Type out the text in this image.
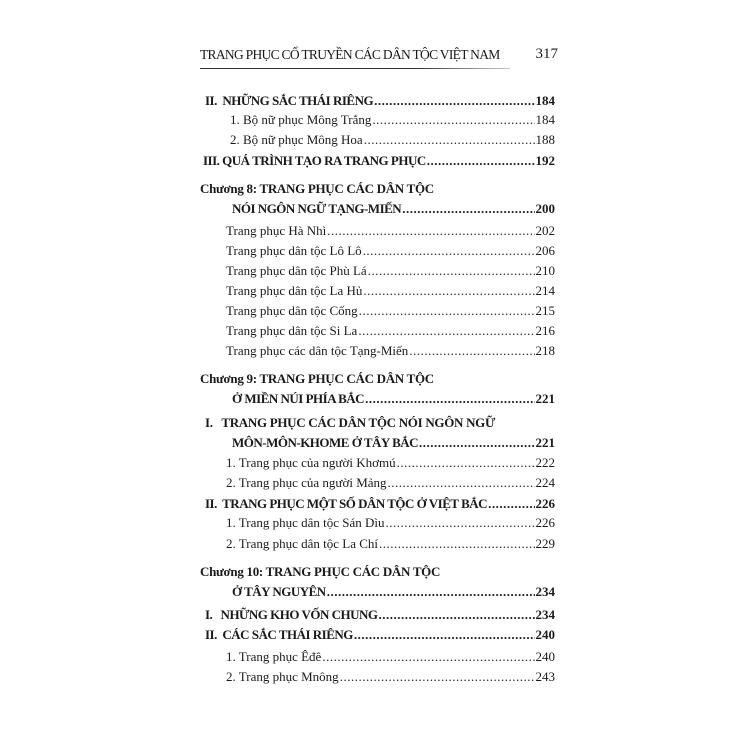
TRANG PHỤC CỔ TRUYỀN CÁC DÂN TỘC VIỆT NAM 317
II.  NHỮNG SẮC THÁI RIÊNG .....	184
1. Bộ nữ phục Mông Trắng .....	184
2. Bộ nữ phục Mông Hoa .....	188
III. QUÁ TRÌNH TẠO RA TRANG PHỤC .....	192
Chương 8: TRANG PHỤC CÁC DÂN TỘC
NÓI NGÔN NGỮ TẠNG-MIẾN .....	200
Trang phục Hà Nhì .....	202
Trang phục dân tộc Lô Lô .....	206
Trang phục dân tộc Phù Lá .....	210
Trang phục dân tộc La Hủ .....	214
Trang phục dân tộc Cống .....	215
Trang phục dân tộc Si La .....	216
Trang phục các dân tộc Tạng-Miến .....	218
Chương 9: TRANG PHỤC CÁC DÂN TỘC
Ở MIỀN NÚI PHÍA BẮC .....	221
I.   TRANG PHỤC CÁC DÂN TỘC NÓI NGÔN NGỮ
MÔN-MÔN-KHOME Ở TÂY BẮC .....	221
1. Trang phục của người Khơmú .....	222
2. Trang phục của người Mảng .....	224
II.  TRANG PHỤC MỘT SỐ DÂN TỘC Ở VIỆT BẮC .....	226
1. Trang phục dân tộc Sán Dìu .....	226
2. Trang phục dân tộc La Chí .....	229
Chương 10: TRANG PHỤC CÁC DÂN TỘC
Ở TÂY NGUYÊN .....	234
I.   NHỮNG KHO VỐN CHUNG .....	234
II.  CÁC SẮC THÁI RIÊNG .....	240
1. Trang phục Êđê .....	240
2. Trang phục Mnông .....	243
